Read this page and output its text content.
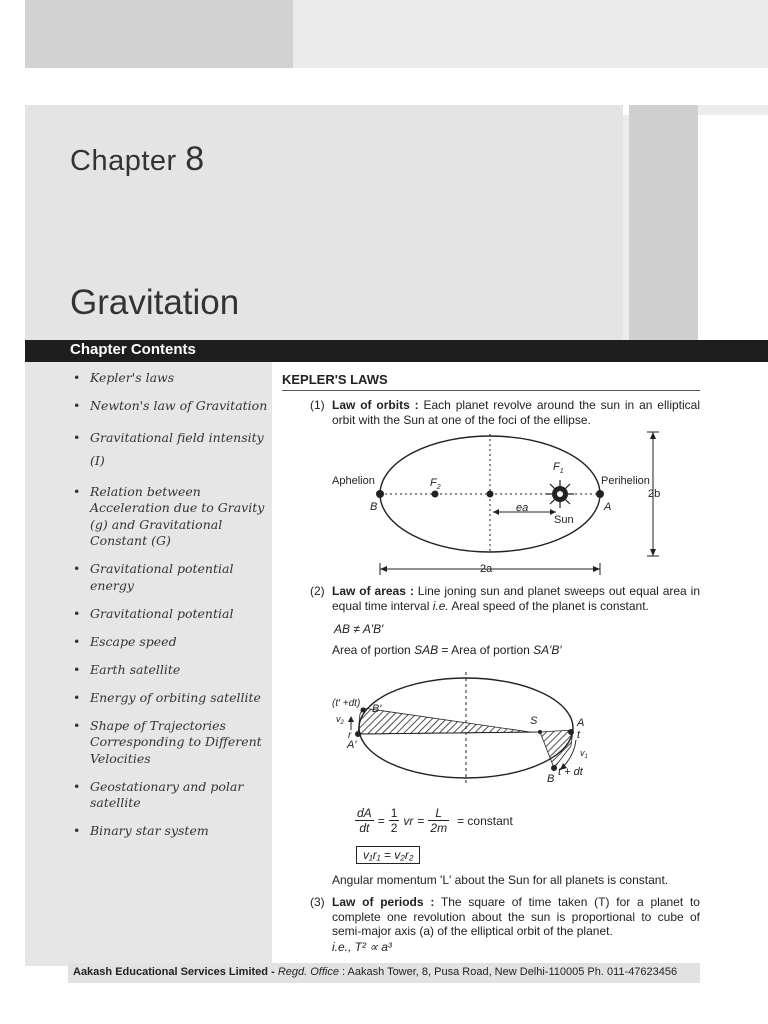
Chapter 8
Gravitation
Chapter Contents
• Kepler's laws
• Newton's law of Gravitation
• Gravitational field intensity (I)
• Relation between Acceleration due to Gravity (g) and Gravitational Constant (G)
• Gravitational potential energy
• Gravitational potential
• Escape speed
• Earth satellite
• Energy of orbiting satellite
• Shape of Trajectories Corresponding to Different Velocities
• Geostationary and polar satellite
• Binary star system
KEPLER'S LAWS
(1) Law of orbits : Each planet revolve around the sun in an elliptical orbit with the Sun at one of the foci of the ellipse.
Aphelion	Perihelion
B	A
$F_2$
$F_1$
ea
Sun
2b
2a
(2) Law of areas : Line joning sun and planet sweeps out equal area in equal time interval i.e. Areal speed of the planet is constant.
AB ≠ A′B′
Area of portion SAB = Area of portion SA′B′
(t′ +dt)
$v_2$
r
B′
A′
S	A
t
$v_1$
B
t + dt
$\frac{dA}{dt} = \frac{1}{2}$ vr = $\frac{L}{2m}$ = constant
v₁r₁ = v₂r₂
Angular momentum 'L' about the Sun for all planets is constant.
(3) Law of periods : The square of time taken (T) for a planet to complete one revolution about the sun is proportional to cube of semi-major axis (a) of the elliptical orbit of the planet.
i.e., T² ∝ a³
Aakash Educational Services Limited - Regd. Office : Aakash Tower, 8, Pusa Road, New Delhi-110005 Ph. 011-47623456
